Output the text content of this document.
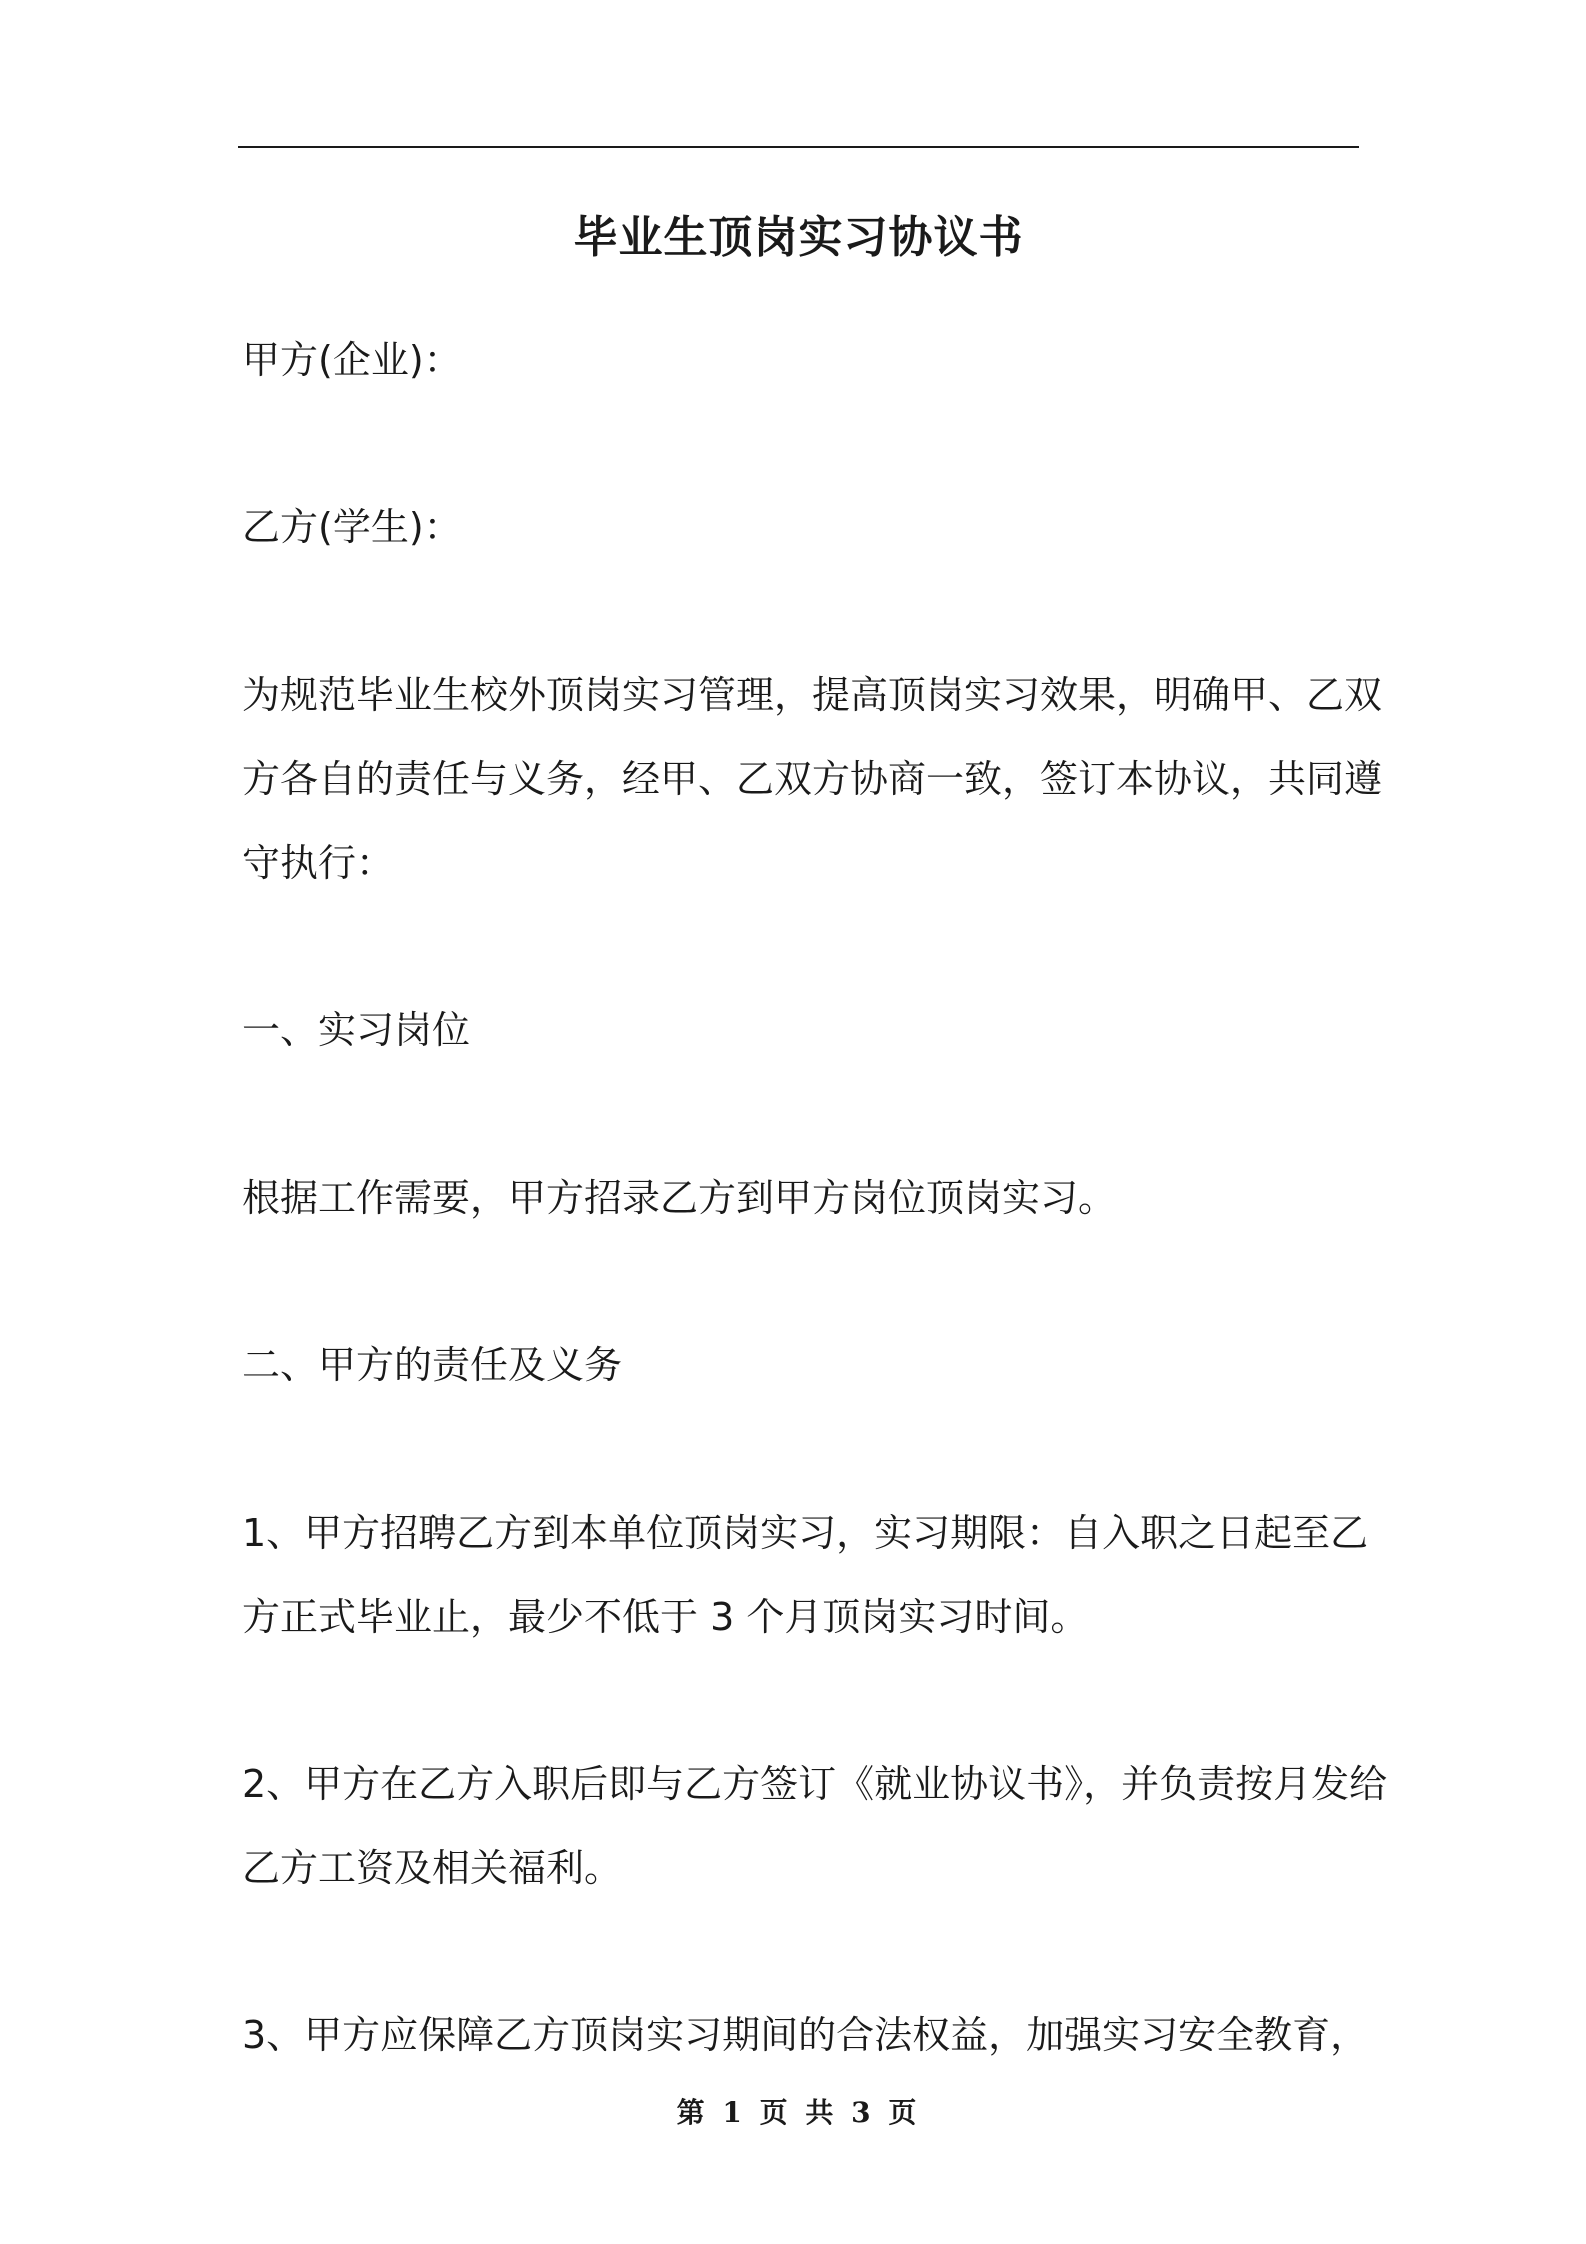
毕业生顶岗实习协议书
甲方(企业)：
乙方(学生)：
为规范毕业生校外顶岗实习管理，提高顶岗实习效果，明确甲、乙双
方各自的责任与义务，经甲、乙双方协商一致，签订本协议，共同遵
守执行：
一、实习岗位
根据工作需要，甲方招录乙方到甲方岗位顶岗实习。
二、甲方的责任及义务
1、甲方招聘乙方到本单位顶岗实习，实习期限：自入职之日起至乙
方正式毕业止，最少不低于 3 个月顶岗实习时间。
2、甲方在乙方入职后即与乙方签订《就业协议书》，并负责按月发给
乙方工资及相关福利。
3、甲方应保障乙方顶岗实习期间的合法权益，加强实习安全教育，
第 1 页 共 3 页
